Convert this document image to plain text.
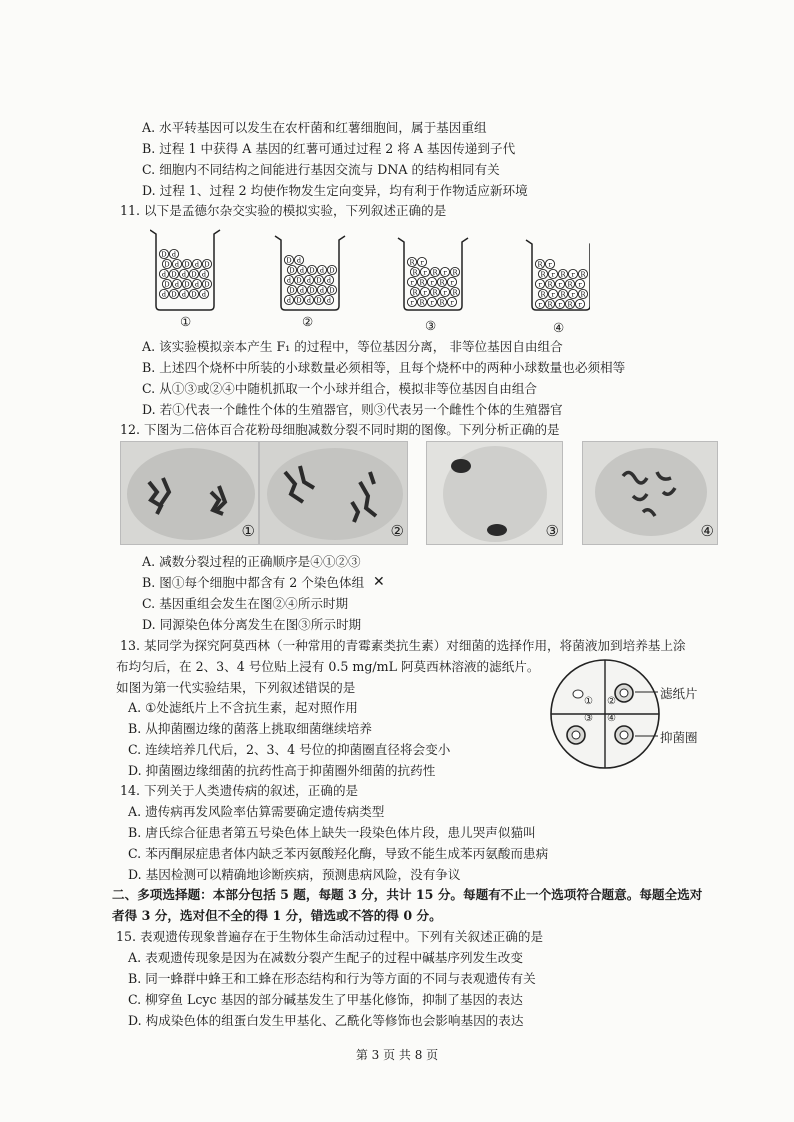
A. 水平转基因可以发生在农杆菌和红薯细胞间，属于基因重组
B. 过程 1 中获得 A 基因的红薯可通过过程 2 将 A 基因传递到子代
C. 细胞内不同结构之间能进行基因交流与 DNA 的结构相同有关
D. 过程 1、过程 2 均使作物发生定向变异，均有利于作物适应新环境
11. 以下是孟德尔杂交实验的模拟实验，下列叙述正确的是
D d
D d D d D
d D d D d
D d D d D
d D d D d
D d
D d D d D
d D d D d
D d D d D
d D d D d
R r
R r R r R
r R r R r
R r R r R
r R r R r
R r
R r R r R
r R r R r
R r R r R
r R r R r
①	②	③	④
A. 该实验模拟亲本产生 F₁ 的过程中，等位基因分离， 非等位基因自由组合
B. 上述四个烧杯中所装的小球数量必须相等，且每个烧杯中的两种小球数量也必须相等
C. 从①③或②④中随机抓取一个小球并组合，模拟非等位基因自由组合
D. 若①代表一个雌性个体的生殖器官，则③代表另一个雌性个体的生殖器官
12. 下图为二倍体百合花粉母细胞减数分裂不同时期的图像。下列分析正确的是
①	②	③	④
A. 减数分裂过程的正确顺序是④①②③
B. 图①每个细胞中都含有 2 个染色体组 ✕
C. 基因重组会发生在图②④所示时期
D. 同源染色体分离发生在图③所示时期
13. 某同学为探究阿莫西林（一种常用的青霉素类抗生素）对细菌的选择作用，将菌液加到培养基上涂
布均匀后，在 2、3、4 号位贴上浸有 0.5 mg/mL 阿莫西林溶液的滤纸片。
如图为第一代实验结果，下列叙述错误的是
A. ①处滤纸片上不含抗生素，起对照作用
B. 从抑菌圈边缘的菌落上挑取细菌继续培养
C. 连续培养几代后，2、3、4 号位的抑菌圈直径将会变小
D. 抑菌圈边缘细菌的抗药性高于抑菌圈外细菌的抗药性
① ②
③ ④
滤纸片
抑菌圈
14. 下列关于人类遗传病的叙述，正确的是
A. 遗传病再发风险率估算需要确定遗传病类型
B. 唐氏综合征患者第五号染色体上缺失一段染色体片段，患儿哭声似猫叫
C. 苯丙酮尿症患者体内缺乏苯丙氨酸羟化酶，导致不能生成苯丙氨酸而患病
D. 基因检测可以精确地诊断疾病，预测患病风险，没有争议
二、多项选择题：本部分包括 5 题，每题 3 分，共计 15 分。每题有不止一个选项符合题意。每题全选对
者得 3 分，选对但不全的得 1 分，错选或不答的得 0 分。
15. 表观遗传现象普遍存在于生物体生命活动过程中。下列有关叙述正确的是
A. 表观遗传现象是因为在减数分裂产生配子的过程中碱基序列发生改变
B. 同一蜂群中蜂王和工蜂在形态结构和行为等方面的不同与表观遗传有关
C. 柳穿鱼 Lcyc 基因的部分碱基发生了甲基化修饰，抑制了基因的表达
D. 构成染色体的组蛋白发生甲基化、乙酰化等修饰也会影响基因的表达
第 3 页 共 8 页
